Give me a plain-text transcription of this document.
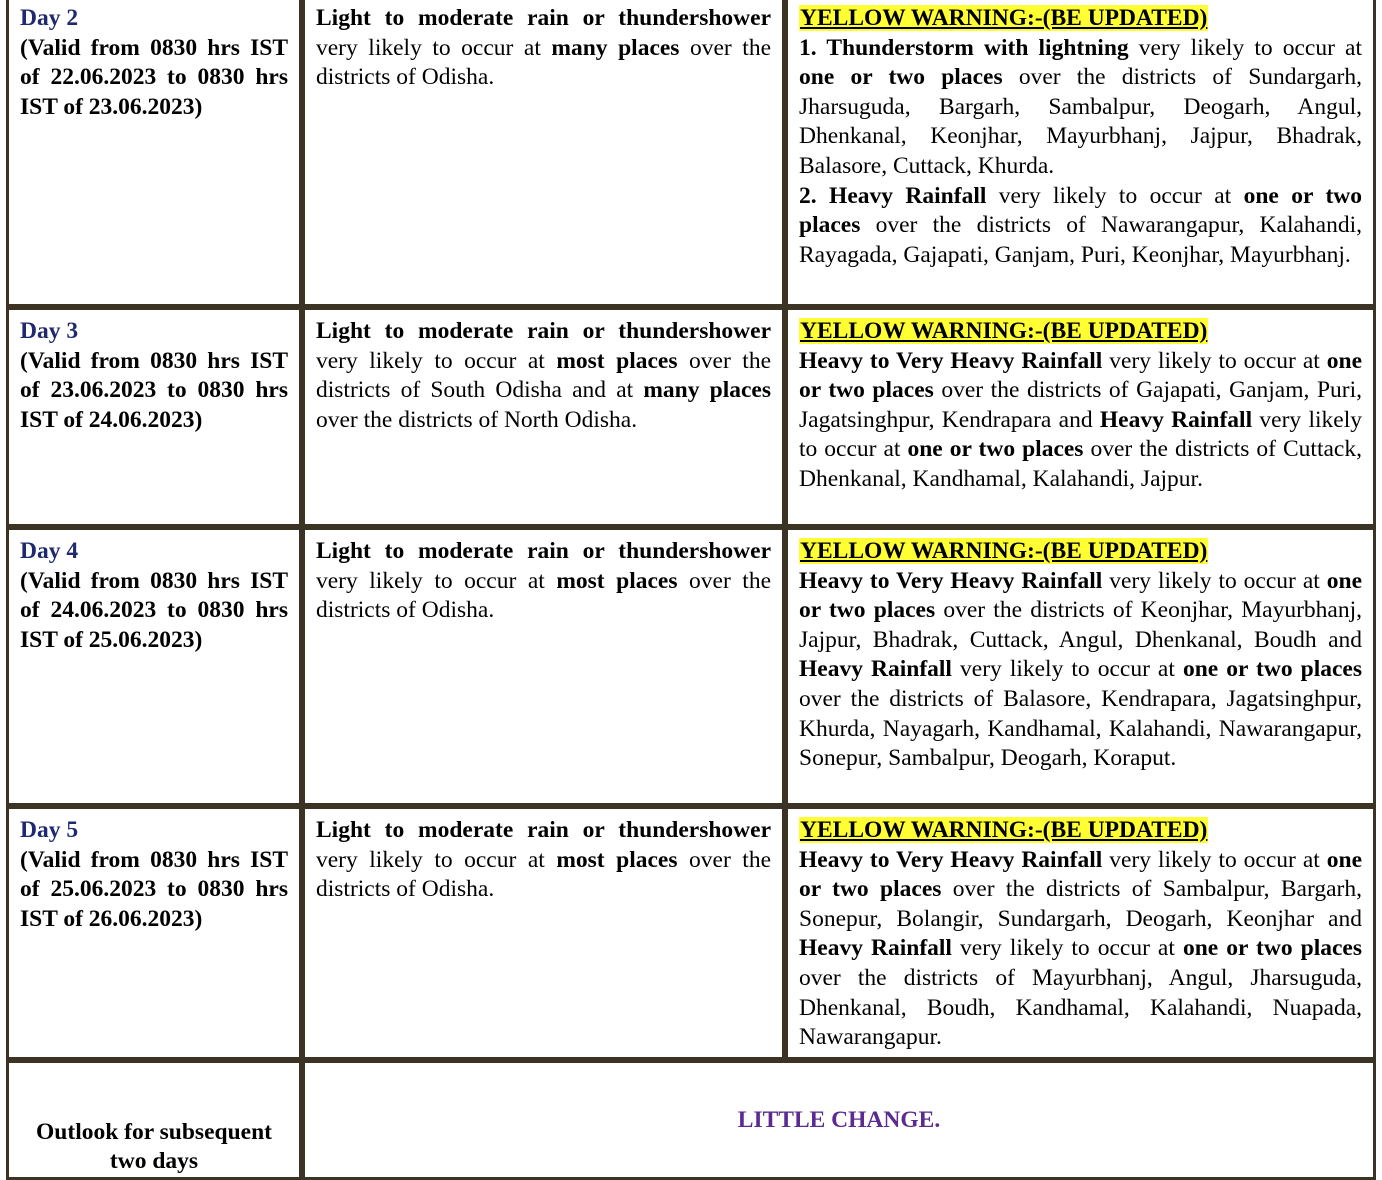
Day 2
(Valid from 0830 hrs IST of 22.06.2023 to 0830 hrs IST of 23.06.2023)	Light to moderate rain or thundershower very likely to occur at many places over the districts of Odisha.	YELLOW WARNING:-(BE UPDATED)
1. Thunderstorm with lightning very likely to occur at one or two places over the districts of Sundargarh, Jharsuguda, Bargarh, Sambalpur, Deogarh, Angul, Dhenkanal, Keonjhar, Mayurbhanj, Jajpur, Bhadrak, Balasore, Cuttack, Khurda.
2. Heavy Rainfall very likely to occur at one or two places over the districts of Nawarangapur, Kalahandi, Rayagada, Gajapati, Ganjam, Puri, Keonjhar, Mayurbhanj.

Day 3
(Valid from 0830 hrs IST of 23.06.2023 to 0830 hrs IST of 24.06.2023)	Light to moderate rain or thundershower very likely to occur at most places over the districts of South Odisha and at many places over the districts of North Odisha.	YELLOW WARNING:-(BE UPDATED)
Heavy to Very Heavy Rainfall very likely to occur at one or two places over the districts of Gajapati, Ganjam, Puri, Jagatsinghpur, Kendrapara and Heavy Rainfall very likely to occur at one or two places over the districts of Cuttack, Dhenkanal, Kandhamal, Kalahandi, Jajpur.

Day 4
(Valid from 0830 hrs IST of 24.06.2023 to 0830 hrs IST of 25.06.2023)	Light to moderate rain or thundershower very likely to occur at most places over the districts of Odisha.	YELLOW WARNING:-(BE UPDATED)
Heavy to Very Heavy Rainfall very likely to occur at one or two places over the districts of Keonjhar, Mayurbhanj, Jajpur, Bhadrak, Cuttack, Angul, Dhenkanal, Boudh and Heavy Rainfall very likely to occur at one or two places over the districts of Balasore, Kendrapara, Jagatsinghpur, Khurda, Nayagarh, Kandhamal, Kalahandi, Nawarangapur, Sonepur, Sambalpur, Deogarh, Koraput.

Day 5
(Valid from 0830 hrs IST of 25.06.2023 to 0830 hrs IST of 26.06.2023)	Light to moderate rain or thundershower very likely to occur at most places over the districts of Odisha.	YELLOW WARNING:-(BE UPDATED)
Heavy to Very Heavy Rainfall very likely to occur at one or two places over the districts of Sambalpur, Bargarh, Sonepur, Bolangir, Sundargarh, Deogarh, Keonjhar and Heavy Rainfall very likely to occur at one or two places over the districts of Mayurbhanj, Angul, Jharsuguda, Dhenkanal, Boudh, Kandhamal, Kalahandi, Nuapada, Nawarangapur.
Outlook for subsequent two days	LITTLE CHANGE.	
